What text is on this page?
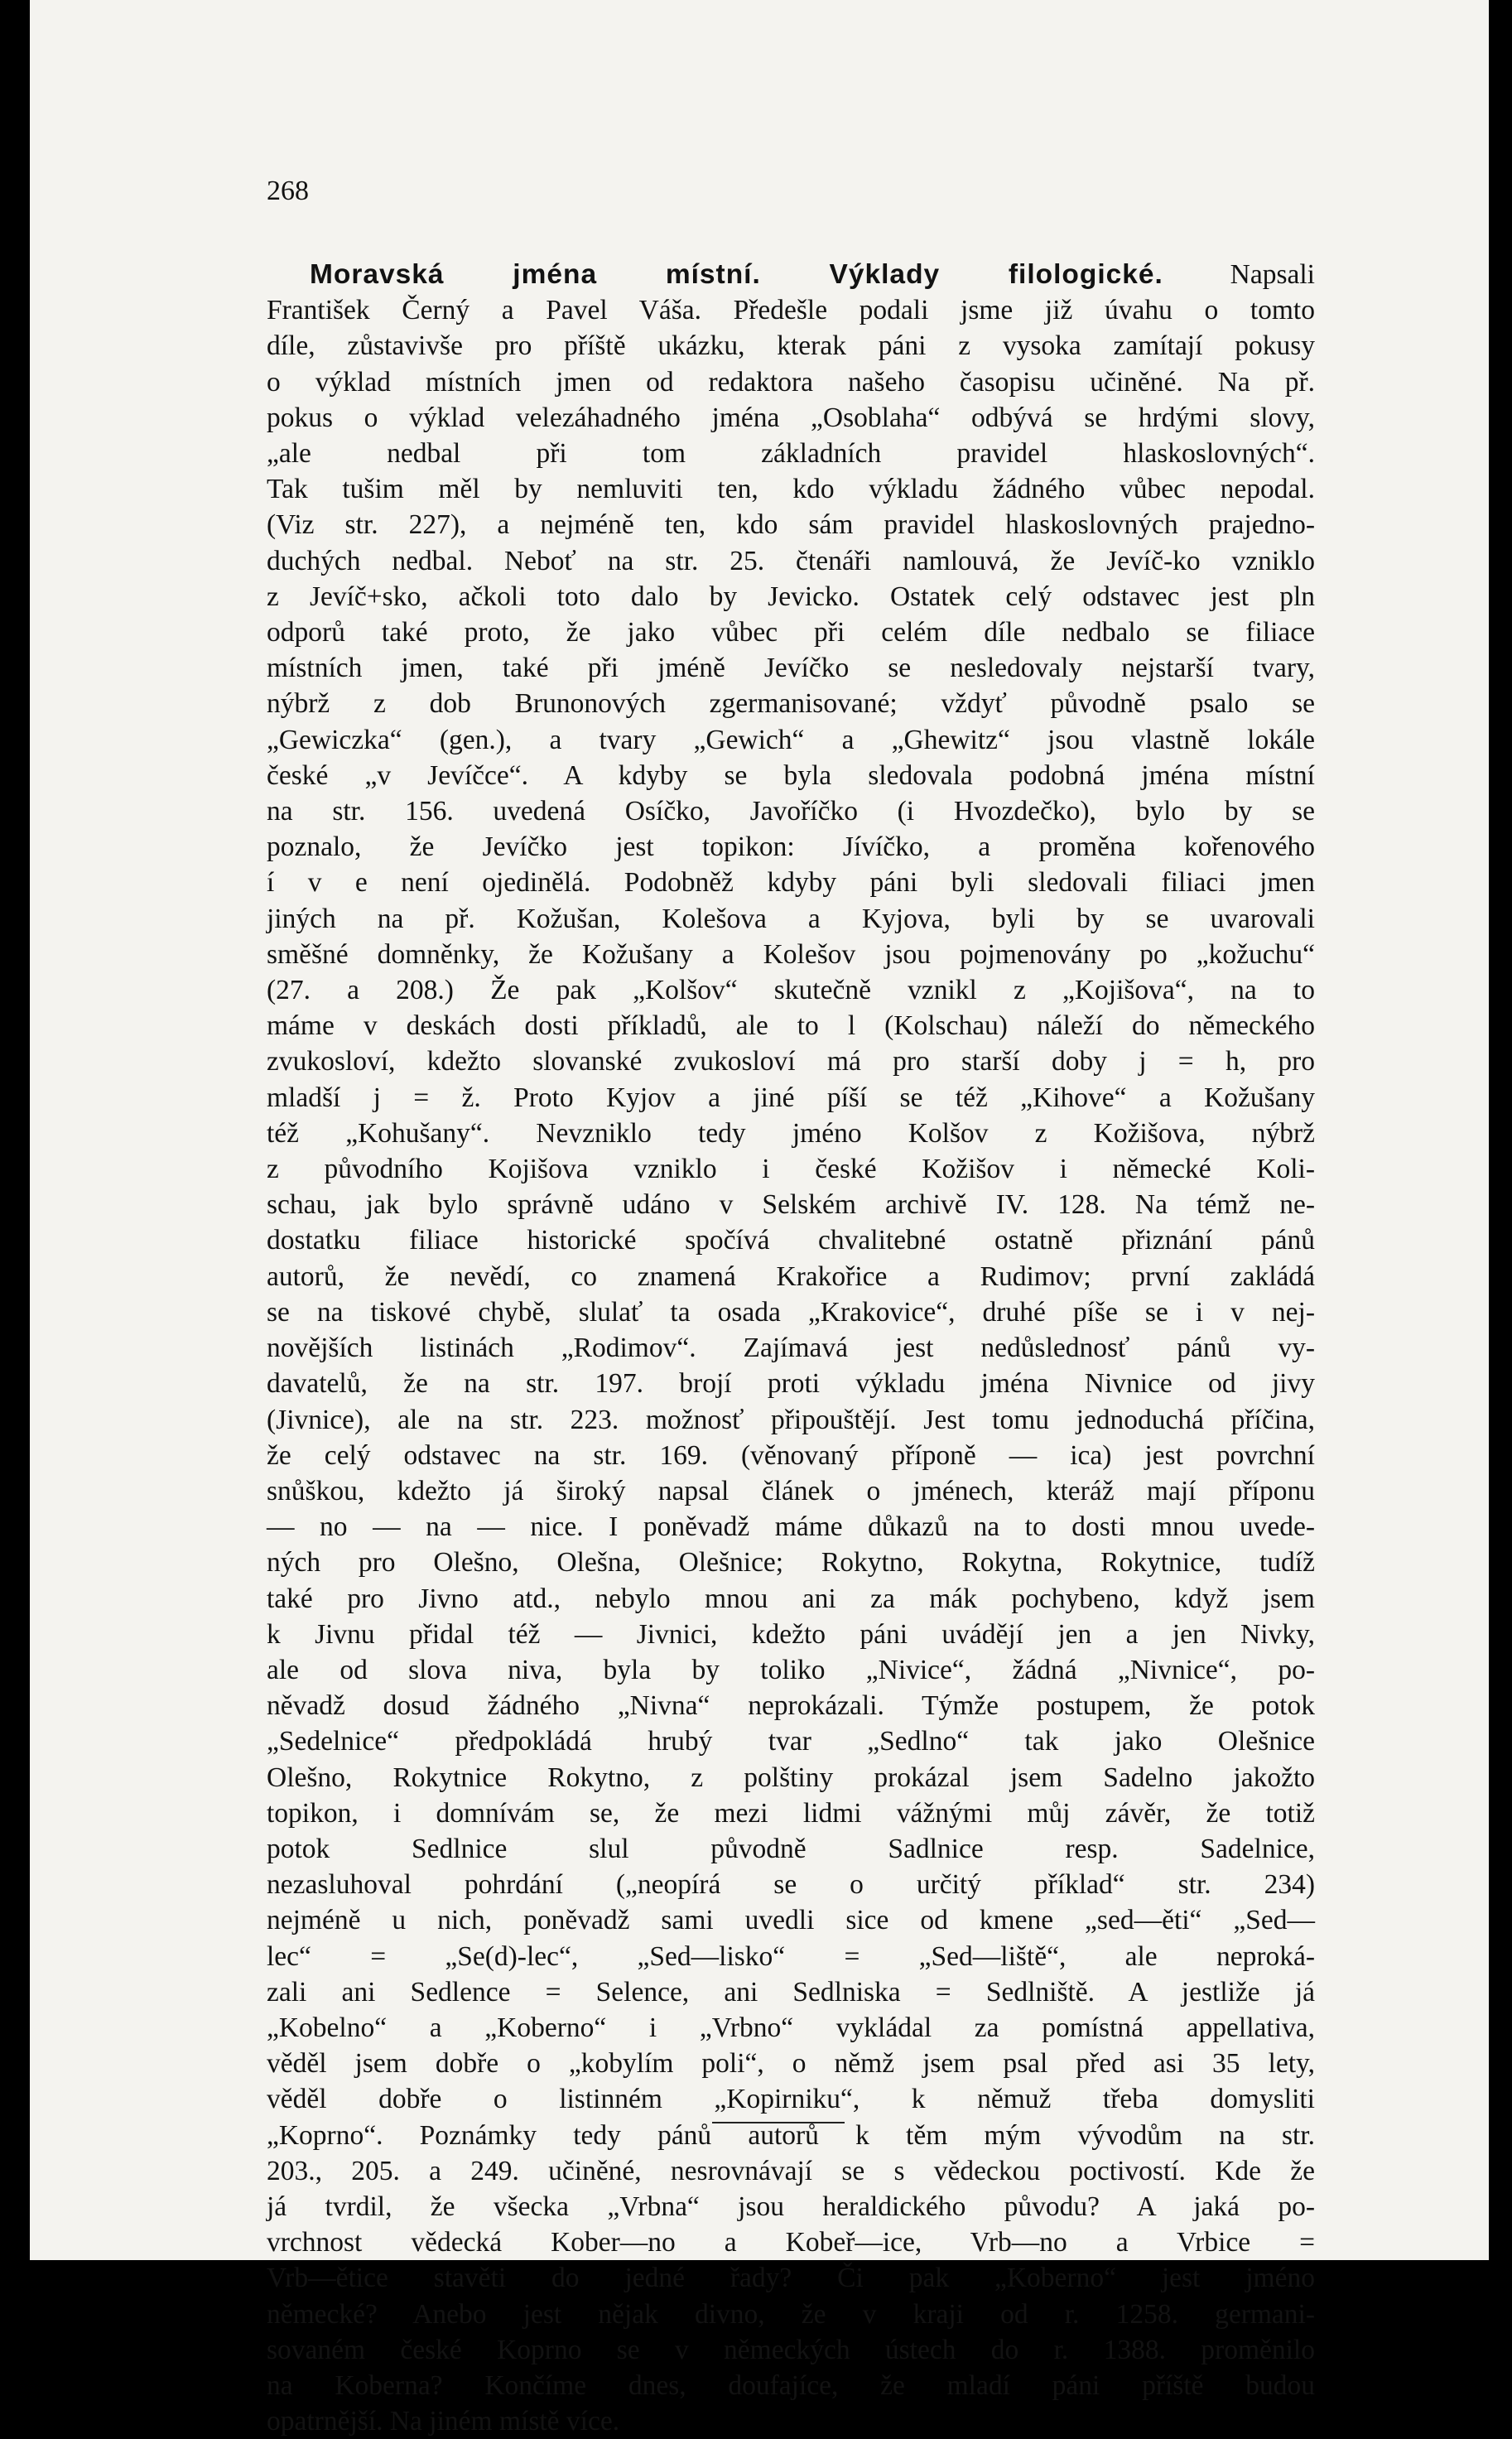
268
Moravská jména místní. Výklady filologické. Napsali
František Černý a Pavel Váša. Předešle podali jsme již úvahu o tomto
díle, zůstavivše pro příště ukázku, kterak páni z vysoka zamítají pokusy
o výklad místních jmen od redaktora našeho časopisu učiněné. Na př.
pokus o výklad velezáhadného jména „Osoblaha“ odbývá se hrdými slovy,
„ale nedbal při tom základních pravidel hlaskoslovných“.
Tak tušim měl by nemluviti ten, kdo výkladu žádného vůbec nepodal.
(Viz str. 227), a nejméně ten, kdo sám pravidel hlaskoslovných prajedno-
duchých nedbal. Neboť na str. 25. čtenáři namlouvá, že Jevíč-ko vzniklo
z Jevíč+sko, ačkoli toto dalo by Jevicko. Ostatek celý odstavec jest pln
odporů také proto, že jako vůbec při celém díle nedbalo se filiace
místních jmen, také při jméně Jevíčko se nesledovaly nejstarší tvary,
nýbrž z dob Brunonových zgermanisované; vždyť původně psalo se
„Gewiczka“ (gen.), a tvary „Gewich“ a „Ghewitz“ jsou vlastně lokále
české „v Jevíčce“. A kdyby se byla sledovala podobná jména místní
na str. 156. uvedená Osíčko, Javoříčko (i Hvozdečko), bylo by se
poznalo, že Jevíčko jest topikon: Jívíčko, a proměna kořenového
í v e není ojedinělá. Podobněž kdyby páni byli sledovali filiaci jmen
jiných na př. Kožušan, Kolešova a Kyjova, byli by se uvarovali
směšné domněnky, že Kožušany a Kolešov jsou pojmenovány po „kožuchu“
(27. a 208.) Že pak „Kolšov“ skutečně vznikl z „Kojišova“, na to
máme v deskách dosti příkladů, ale to l (Kolschau) náleží do německého
zvukosloví, kdežto slovanské zvukosloví má pro starší doby j = h, pro
mladší j = ž. Proto Kyjov a jiné píší se též „Kihove“ a Kožušany
též „Kohušany“. Nevzniklo tedy jméno Kolšov z Kožišova, nýbrž
z původního Kojišova vzniklo i české Kožišov i německé Koli-
schau, jak bylo správně udáno v Selském archivě IV. 128. Na témž ne-
dostatku filiace historické spočívá chvalitebné ostatně přiznání pánů
autorů, že nevědí, co znamená Krakořice a Rudimov; první zakládá
se na tiskové chybě, slulať ta osada „Krakovice“, druhé píše se i v nej-
novějších listinách „Rodimov“. Zajímavá jest nedůslednosť pánů vy-
davatelů, že na str. 197. brojí proti výkladu jména Nivnice od jivy
(Jivnice), ale na str. 223. možnosť připouštějí. Jest tomu jednoduchá příčina,
že celý odstavec na str. 169. (věnovaný příponě — ica) jest povrchní
snůškou, kdežto já široký napsal článek o jménech, kteráž mají příponu
— no — na — nice. I poněvadž máme důkazů na to dosti mnou uvede-
ných pro Olešno, Olešna, Olešnice; Rokytno, Rokytna, Rokytnice, tudíž
také pro Jivno atd., nebylo mnou ani za mák pochybeno, když jsem
k Jivnu přidal též — Jivnici, kdežto páni uvádějí jen a jen Nivky,
ale od slova niva, byla by toliko „Nivice“, žádná „Nivnice“, po-
něvadž dosud žádného „Nivna“ neprokázali. Týmže postupem, že potok
„Sedelnice“ předpokládá hrubý tvar „Sedlno“ tak jako Olešnice
Olešno, Rokytnice Rokytno, z polštiny prokázal jsem Sadelno jakožto
topikon, i domnívám se, že mezi lidmi vážnými můj závěr, že totiž
potok Sedlnice slul původně Sadlnice resp. Sadelnice,
nezasluhoval pohrdání („neopírá se o určitý příklad“ str. 234)
nejméně u nich, poněvadž sami uvedli sice od kmene „sed—ěti“ „Sed—
lec“ = „Se(d)-lec“, „Sed—lisko“ = „Sed—liště“, ale neproká-
zali ani Sedlence = Selence, ani Sedlniska = Sedlniště. A jestliže já
„Kobelno“ a „Koberno“ i „Vrbno“ vykládal za pomístná appellativa,
věděl jsem dobře o „kobylím poli“, o němž jsem psal před asi 35 lety,
věděl dobře o listinném „Kopirniku“, k němuž třeba domysliti
„Koprno“. Poznámky tedy pánů autorů k těm mým vývodům na str.
203., 205. a 249. učiněné, nesrovnávají se s vědeckou poctivostí. Kde že
já tvrdil, že všecka „Vrbna“ jsou heraldického původu? A jaká po-
vrchnost vědecká Kober—no a Kobeř—ice, Vrb—no a Vrbice =
Vrb—ětice stavěti do jedné řady? Či pak „Koberno“ jest jméno
německé? Anebo jest nějak divno, že v kraji od r. 1258. germani-
sovaném české Koprno se v německých ústech do r. 1388. proměnilo
na Koberna? Končíme dnes, doufajíce, že mladí páni příště budou
opatrnější. Na jiném místě více.
